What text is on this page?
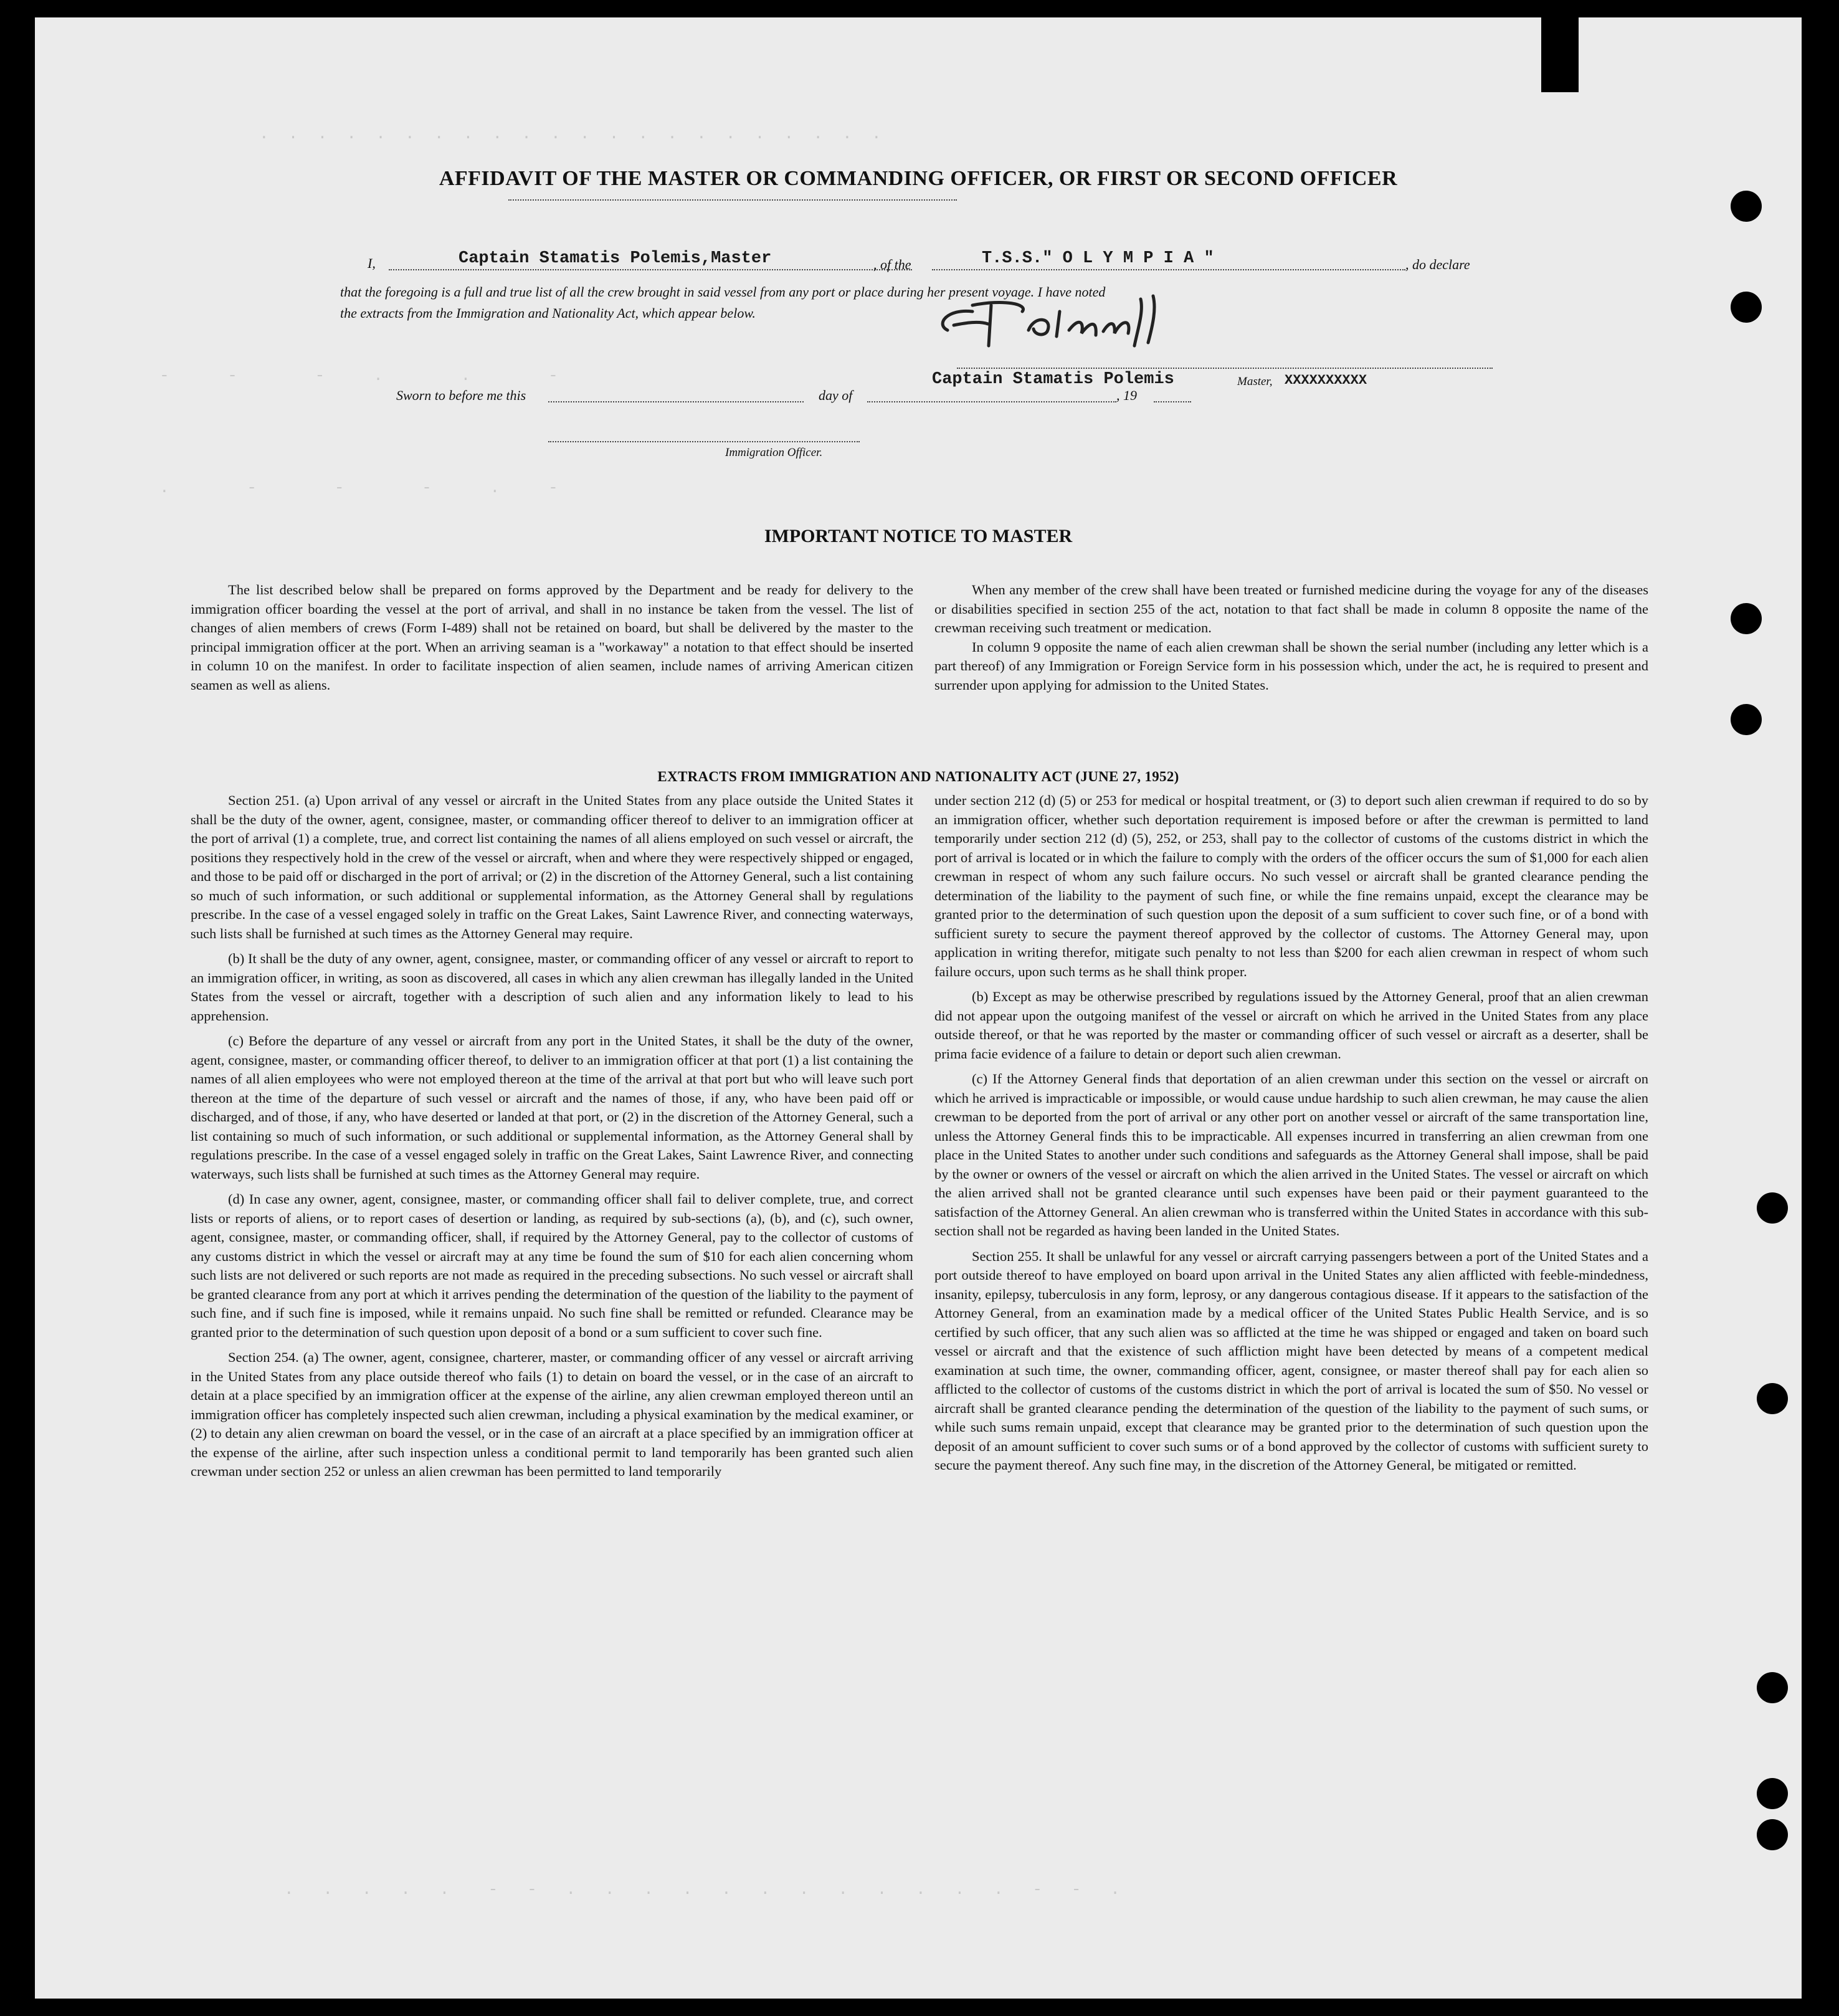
.  .  .  .  .  .  .  .  .  .  .  .  .  .  .  .  .  .  .  .  .  .
-      -        -     .        .        -
.        -        -        -      .     -
AFFIDAVIT OF THE MASTER OR COMMANDING OFFICER, OR FIRST OR SECOND OFFICER
I,	Captain Stamatis Polemis,Master	, of the	T.S.S." O L Y M P I A "	, do declare
that the foregoing is a full and true list of all the crew brought in said vessel from any port or place during her present voyage. I have noted
the extracts from the Immigration and Nationality Act, which appear below.
Sworn to before me this	day of	, 19
Captain Stamatis Polemis	Master, XXXXXXXXXX
Immigration Officer.
IMPORTANT NOTICE TO MASTER

The list described below shall be prepared on forms approved by the Department and be ready for delivery to the immigration officer boarding the vessel at the port of arrival, and shall in no instance be taken from the vessel. The list of changes of alien members of crews (Form I-489) shall not be retained on board, but shall be delivered by the master to the principal immigration officer at the port. When an arriving seaman is a "workaway" a notation to that effect should be inserted in column 10 on the manifest. In order to facilitate inspection of alien seamen, include names of arriving American citizen seamen as well as aliens.

When any member of the crew shall have been treated or furnished medicine during the voyage for any of the diseases or disabilities specified in section 255 of the act, notation to that fact shall be made in column 8 opposite the name of the crewman receiving such treatment or medication.

In column 9 opposite the name of each alien crewman shall be shown the serial number (including any letter which is a part thereof) of any Immigration or Foreign Service form in his possession which, under the act, he is required to present and surrender upon applying for admission to the United States.

EXTRACTS FROM IMMIGRATION AND NATIONALITY ACT (JUNE 27, 1952)

Section 251. (a) Upon arrival of any vessel or aircraft in the United States from any place outside the United States it shall be the duty of the owner, agent, consignee, master, or commanding officer thereof to deliver to an immigration officer at the port of arrival (1) a complete, true, and correct list containing the names of all aliens employed on such vessel or aircraft, the positions they respectively hold in the crew of the vessel or aircraft, when and where they were respectively shipped or engaged, and those to be paid off or discharged in the port of arrival; or (2) in the discretion of the Attorney General, such a list containing so much of such information, or such additional or supplemental information, as the Attorney General shall by regulations prescribe. In the case of a vessel engaged solely in traffic on the Great Lakes, Saint Lawrence River, and connecting waterways, such lists shall be furnished at such times as the Attorney General may require.

(b) It shall be the duty of any owner, agent, consignee, master, or commanding officer of any vessel or aircraft to report to an immigration officer, in writing, as soon as discovered, all cases in which any alien crewman has illegally landed in the United States from the vessel or aircraft, together with a description of such alien and any information likely to lead to his apprehension.

(c) Before the departure of any vessel or aircraft from any port in the United States, it shall be the duty of the owner, agent, consignee, master, or commanding officer thereof, to deliver to an immigration officer at that port (1) a list containing the names of all alien employees who were not employed thereon at the time of the arrival at that port but who will leave such port thereon at the time of the departure of such vessel or aircraft and the names of those, if any, who have been paid off or discharged, and of those, if any, who have deserted or landed at that port, or (2) in the discretion of the Attorney General, such a list containing so much of such information, or such additional or supplemental information, as the Attorney General shall by regulations prescribe. In the case of a vessel engaged solely in traffic on the Great Lakes, Saint Lawrence River, and connecting waterways, such lists shall be furnished at such times as the Attorney General may require.

(d) In case any owner, agent, consignee, master, or commanding officer shall fail to deliver complete, true, and correct lists or reports of aliens, or to report cases of desertion or landing, as required by sub-sections (a), (b), and (c), such owner, agent, consignee, master, or commanding officer, shall, if required by the Attorney General, pay to the collector of customs of any customs district in which the vessel or aircraft may at any time be found the sum of $10 for each alien concerning whom such lists are not delivered or such reports are not made as required in the preceding subsections. No such vessel or aircraft shall be granted clearance from any port at which it arrives pending the determination of the question of the liability to the payment of such fine, and if such fine is imposed, while it remains unpaid. No such fine shall be remitted or refunded. Clearance may be granted prior to the determination of such question upon deposit of a bond or a sum sufficient to cover such fine.

Section 254. (a) The owner, agent, consignee, charterer, master, or commanding officer of any vessel or aircraft arriving in the United States from any place outside thereof who fails (1) to detain on board the vessel, or in the case of an aircraft to detain at a place specified by an immigration officer at the expense of the airline, any alien crewman employed thereon until an immigration officer has completely inspected such alien crewman, including a physical examination by the medical examiner, or (2) to detain any alien crewman on board the vessel, or in the case of an aircraft at a place specified by an immigration officer at the expense of the airline, after such inspection unless a conditional permit to land temporarily has been granted such alien crewman under section 252 or unless an alien crewman has been permitted to land temporarily

under section 212 (d) (5) or 253 for medical or hospital treatment, or (3) to deport such alien crewman if required to do so by an immigration officer, whether such deportation requirement is imposed before or after the crewman is permitted to land temporarily under section 212 (d) (5), 252, or 253, shall pay to the collector of customs of the customs district in which the port of arrival is located or in which the failure to comply with the orders of the officer occurs the sum of $1,000 for each alien crewman in respect of whom any such failure occurs. No such vessel or aircraft shall be granted clearance pending the determination of the liability to the payment of such fine, or while the fine remains unpaid, except the clearance may be granted prior to the determination of such question upon the deposit of a sum sufficient to cover such fine, or of a bond with sufficient surety to secure the payment thereof approved by the collector of customs. The Attorney General may, upon application in writing therefor, mitigate such penalty to not less than $200 for each alien crewman in respect of whom such failure occurs, upon such terms as he shall think proper.

(b) Except as may be otherwise prescribed by regulations issued by the Attorney General, proof that an alien crewman did not appear upon the outgoing manifest of the vessel or aircraft on which he arrived in the United States from any place outside thereof, or that he was reported by the master or commanding officer of such vessel or aircraft as a deserter, shall be prima facie evidence of a failure to detain or deport such alien crewman.

(c) If the Attorney General finds that deportation of an alien crewman under this section on the vessel or aircraft on which he arrived is impracticable or impossible, or would cause undue hardship to such alien crewman, he may cause the alien crewman to be deported from the port of arrival or any other port on another vessel or aircraft of the same transportation line, unless the Attorney General finds this to be impracticable. All expenses incurred in transferring an alien crewman from one place in the United States to another under such conditions and safeguards as the Attorney General shall impose, shall be paid by the owner or owners of the vessel or aircraft on which the alien arrived in the United States. The vessel or aircraft on which the alien arrived shall not be granted clearance until such expenses have been paid or their payment guaranteed to the satisfaction of the Attorney General. An alien crewman who is transferred within the United States in accordance with this sub-section shall not be regarded as having been landed in the United States.

Section 255. It shall be unlawful for any vessel or aircraft carrying passengers between a port of the United States and a port outside thereof to have employed on board upon arrival in the United States any alien afflicted with feeble-mindedness, insanity, epilepsy, tuberculosis in any form, leprosy, or any dangerous contagious disease. If it appears to the satisfaction of the Attorney General, from an examination made by a medical officer of the United States Public Health Service, and is so certified by such officer, that any such alien was so afflicted at the time he was shipped or engaged and taken on board such vessel or aircraft and that the existence of such affliction might have been detected by means of a competent medical examination at such time, the owner, commanding officer, agent, consignee, or master thereof shall pay for each alien so afflicted to the collector of customs of the customs district in which the port of arrival is located the sum of $50. No vessel or aircraft shall be granted clearance pending the determination of the question of the liability to the payment of such sums, or while such sums remain unpaid, except that clearance may be granted prior to the determination of such question upon the deposit of an amount sufficient to cover such sums or of a bond approved by the collector of customs with sufficient surety to secure the payment thereof. Any such fine may, in the discretion of the Attorney General, be mitigated or remitted.

.   .   .   .   .    -   -   .   .   .   .   .   .   .   .   .   .   .   .   -   -   .
